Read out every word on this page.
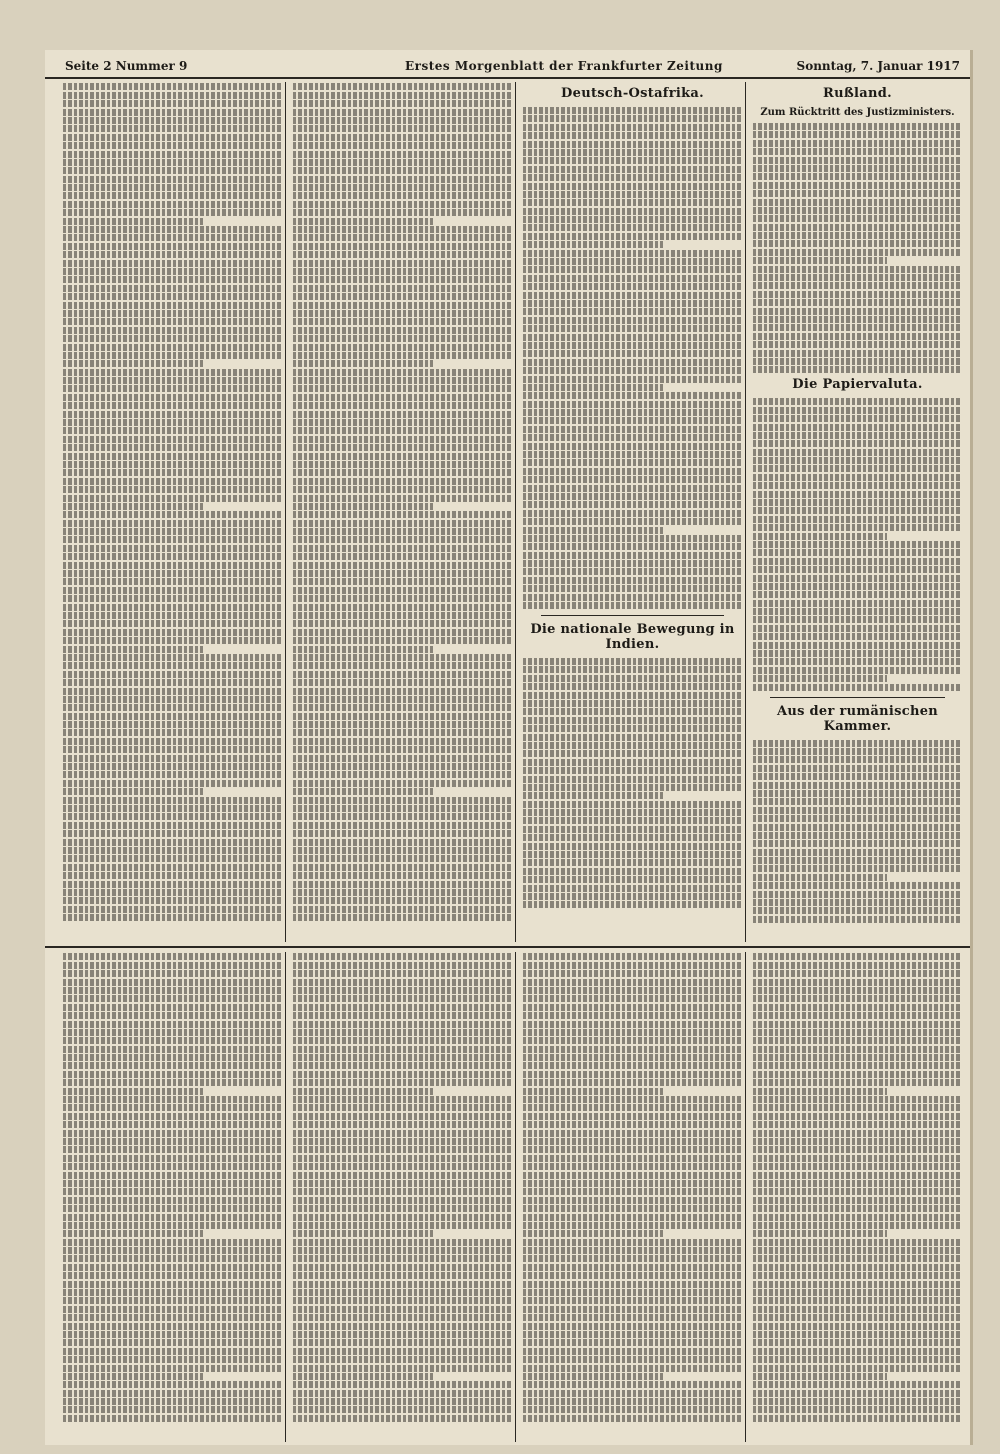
Seite 2 Nummer 9	Erstes Morgenblatt der Frankfurter Zeitung	Sonntag, 7. Januar 1917
Deutsch-Ostafrika.
Die nationale Bewegung in Indien.
Rußland.
Zum Rücktritt des Justizministers.
Die Papiervaluta.
Aus der rumänischen Kammer.
